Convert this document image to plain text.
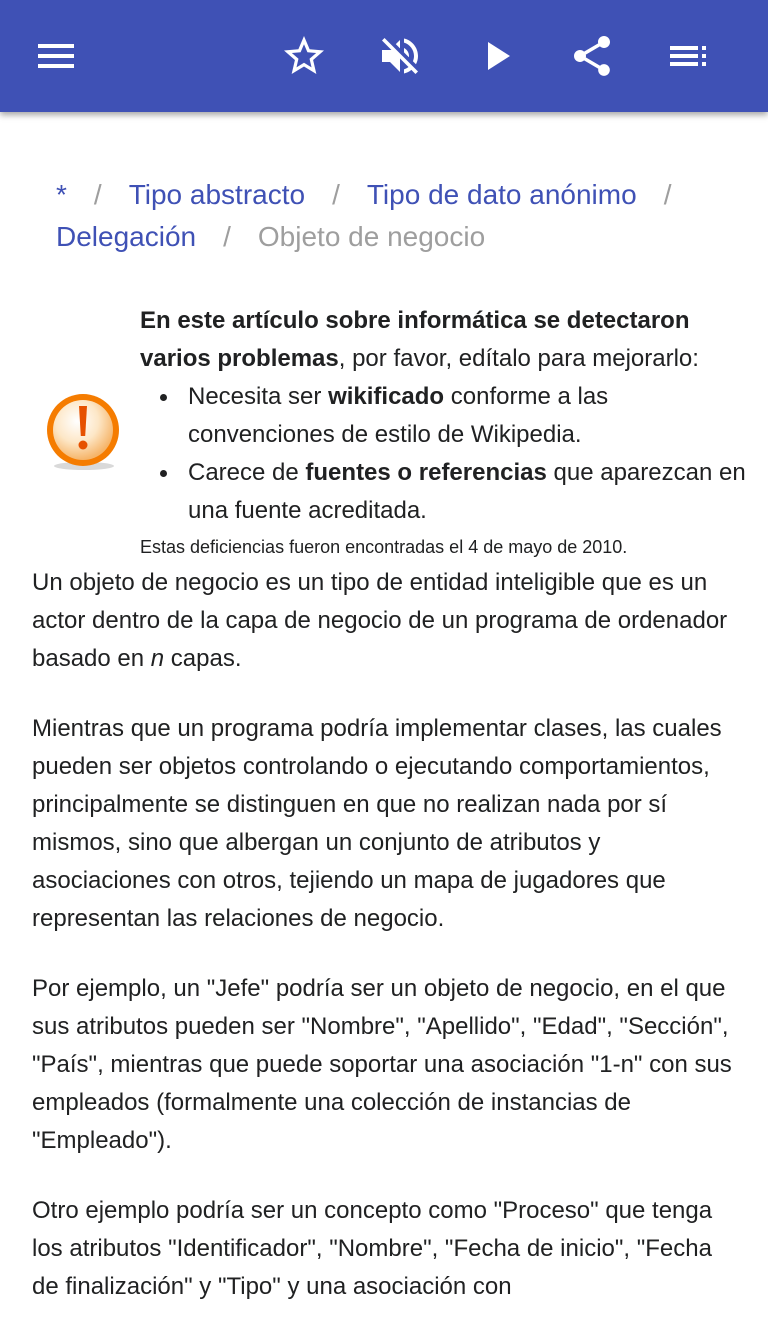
* / Tipo abstracto / Tipo de dato anónimo /
Delegación / Objeto de negocio
En este artículo sobre informática se detectaron varios problemas, por favor, edítalo para mejorarlo:
Necesita ser wikificado conforme a las convenciones de estilo de Wikipedia.
Carece de fuentes o referencias que aparezcan en una fuente acreditada.
Estas deficiencias fueron encontradas el 4 de mayo de 2010.

Un objeto de negocio es un tipo de entidad inteligible que es un actor dentro de la capa de negocio de un programa de ordenador basado en n capas.

Mientras que un programa podría implementar clases, las cuales pueden ser objetos controlando o ejecutando comportamientos, principalmente se distinguen en que no realizan nada por sí mismos, sino que albergan un conjunto de atributos y asociaciones con otros, tejiendo un mapa de jugadores que representan las relaciones de negocio.

Por ejemplo, un "Jefe" podría ser un objeto de negocio, en el que sus atributos pueden ser "Nombre", "Apellido", "Edad", "Sección", "País", mientras que puede soportar una asociación "1-n" con sus empleados (formalmente una colección de instancias de "Empleado").

Otro ejemplo podría ser un concepto como "Proceso" que tenga los atributos "Identificador", "Nombre", "Fecha de inicio", "Fecha de finalización" y "Tipo" y una asociación con
